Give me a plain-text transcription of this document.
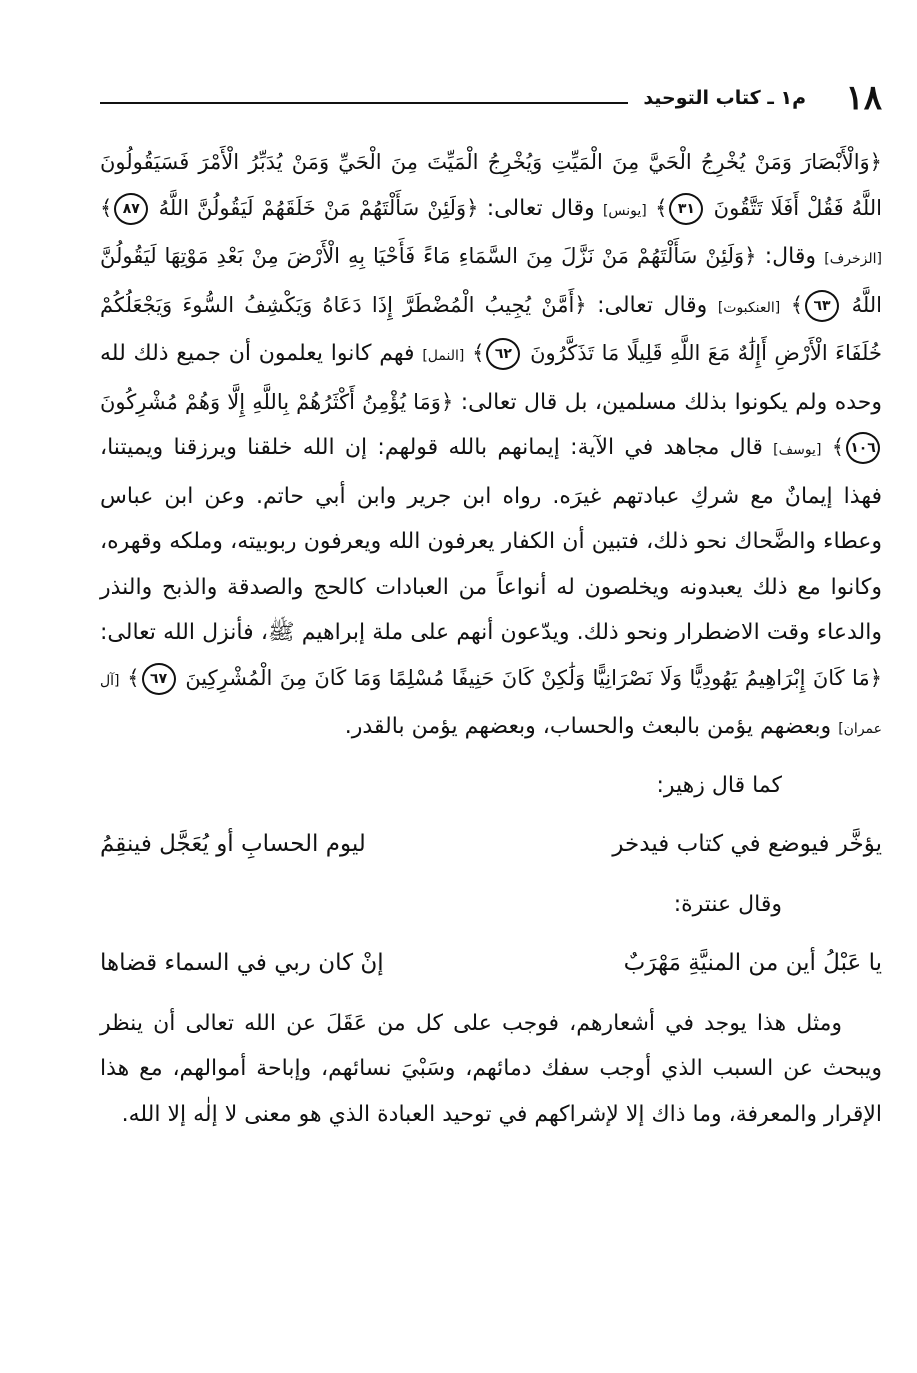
١٨
م١ ـ كتاب التوحيد

﴿وَالْأَبْصَارَ وَمَنْ يُخْرِجُ الْحَيَّ مِنَ الْمَيِّتِ وَيُخْرِجُ الْمَيِّتَ مِنَ الْحَيِّ وَمَنْ يُدَبِّرُ الْأَمْرَ فَسَيَقُولُونَ اللَّهُ فَقُلْ أَفَلَا تَتَّقُونَ ٣١﴾ [يونس] وقال تعالى: ﴿وَلَئِنْ سَأَلْتَهُمْ مَنْ خَلَقَهُمْ لَيَقُولُنَّ اللَّهُ ٨٧﴾ [الزخرف] وقال: ﴿وَلَئِنْ سَأَلْتَهُمْ مَنْ نَزَّلَ مِنَ السَّمَاءِ مَاءً فَأَحْيَا بِهِ الْأَرْضَ مِنْ بَعْدِ مَوْتِهَا لَيَقُولُنَّ اللَّهُ ٦٣﴾ [العنكبوت] وقال تعالى: ﴿أَمَّنْ يُجِيبُ الْمُضْطَرَّ إِذَا دَعَاهُ وَيَكْشِفُ السُّوءَ وَيَجْعَلُكُمْ خُلَفَاءَ الْأَرْضِ أَإِلَٰهٌ مَعَ اللَّهِ قَلِيلًا مَا تَذَكَّرُونَ ٦٢﴾ [النمل] فهم كانوا يعلمون أن جميع ذلك لله وحده ولم يكونوا بذلك مسلمين، بل قال تعالى: ﴿وَمَا يُؤْمِنُ أَكْثَرُهُمْ بِاللَّهِ إِلَّا وَهُمْ مُشْرِكُونَ ١٠٦﴾ [يوسف] قال مجاهد في الآية: إيمانهم بالله قولهم: إن الله خلقنا ويرزقنا ويميتنا، فهذا إيمانٌ مع شركِ عبادتهم غيرَه. رواه ابن جرير وابن أبي حاتم. وعن ابن عباس وعطاء والضَّحاك نحو ذلك، فتبين أن الكفار يعرفون الله ويعرفون ربوبيته، وملكه وقهره، وكانوا مع ذلك يعبدونه ويخلصون له أنواعاً من العبادات كالحج والصدقة والذبح والنذر والدعاء وقت الاضطرار ونحو ذلك. ويدّعون أنهم على ملة إبراهيم ﷺ، فأنزل الله تعالى: ﴿مَا كَانَ إِبْرَاهِيمُ يَهُودِيًّا وَلَا نَصْرَانِيًّا وَلَٰكِنْ كَانَ حَنِيفًا مُسْلِمًا وَمَا كَانَ مِنَ الْمُشْرِكِينَ ٦٧﴾ [آل عمران] وبعضهم يؤمن بالبعث والحساب، وبعضهم يؤمن بالقدر.

كما قال زهير:

يؤخَّر فيوضع في كتاب فيدخر
ليوم الحسابِ أو يُعَجَّل فينقِمُ

وقال عنترة:

يا عَبْلُ أين من المنيَّةِ مَهْرَبٌ
إنْ كان ربي في السماء قضاها

ومثل هذا يوجد في أشعارهم، فوجب على كل من عَقَلَ عن الله تعالى أن ينظر ويبحث عن السبب الذي أوجب سفك دمائهم، وسَبْيَ نسائهم، وإباحة أموالهم، مع هذا الإقرار والمعرفة، وما ذاك إلا لإشراكهم في توحيد العبادة الذي هو معنى لا إلٰه إلا الله.
